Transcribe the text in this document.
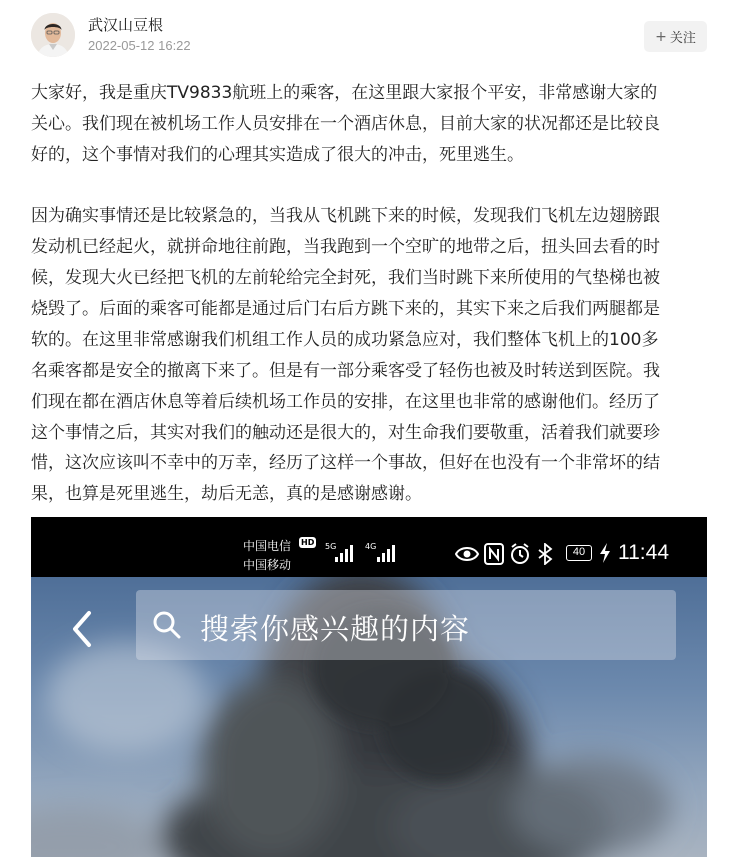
武汉山豆根
2022-05-12 16:22
+ 关注

大家好，我是重庆TV9833航班上的乘客，在这里跟大家报个平安，非常感谢大家的
关心。我们现在被机场工作人员安排在一个酒店休息，目前大家的状况都还是比较良
好的，这个事情对我们的心理其实造成了很大的冲击，死里逃生。

因为确实事情还是比较紧急的，当我从飞机跳下来的时候，发现我们飞机左边翅膀跟
发动机已经起火，就拼命地往前跑，当我跑到一个空旷的地带之后，扭头回去看的时
候，发现大火已经把飞机的左前轮给完全封死，我们当时跳下来所使用的气垫梯也被
烧毁了。后面的乘客可能都是通过后门右后方跳下来的，其实下来之后我们两腿都是
软的。在这里非常感谢我们机组工作人员的成功紧急应对，我们整体飞机上的100多
名乘客都是安全的撤离下来了。但是有一部分乘客受了轻伤也被及时转送到医院。我
们现在都在酒店休息等着后续机场工作员的安排，在这里也非常的感谢他们。经历了
这个事情之后，其实对我们的触动还是很大的，对生命我们要敬重，活着我们就要珍
惜，这次应该叫不幸中的万幸，经历了这样一个事故，但好在也没有一个非常坏的结
果，也算是死里逃生，劫后无恙，真的是感谢感谢。

中国电信 HD
中国移动
5G	4G	40	11:44
搜索你感兴趣的内容
